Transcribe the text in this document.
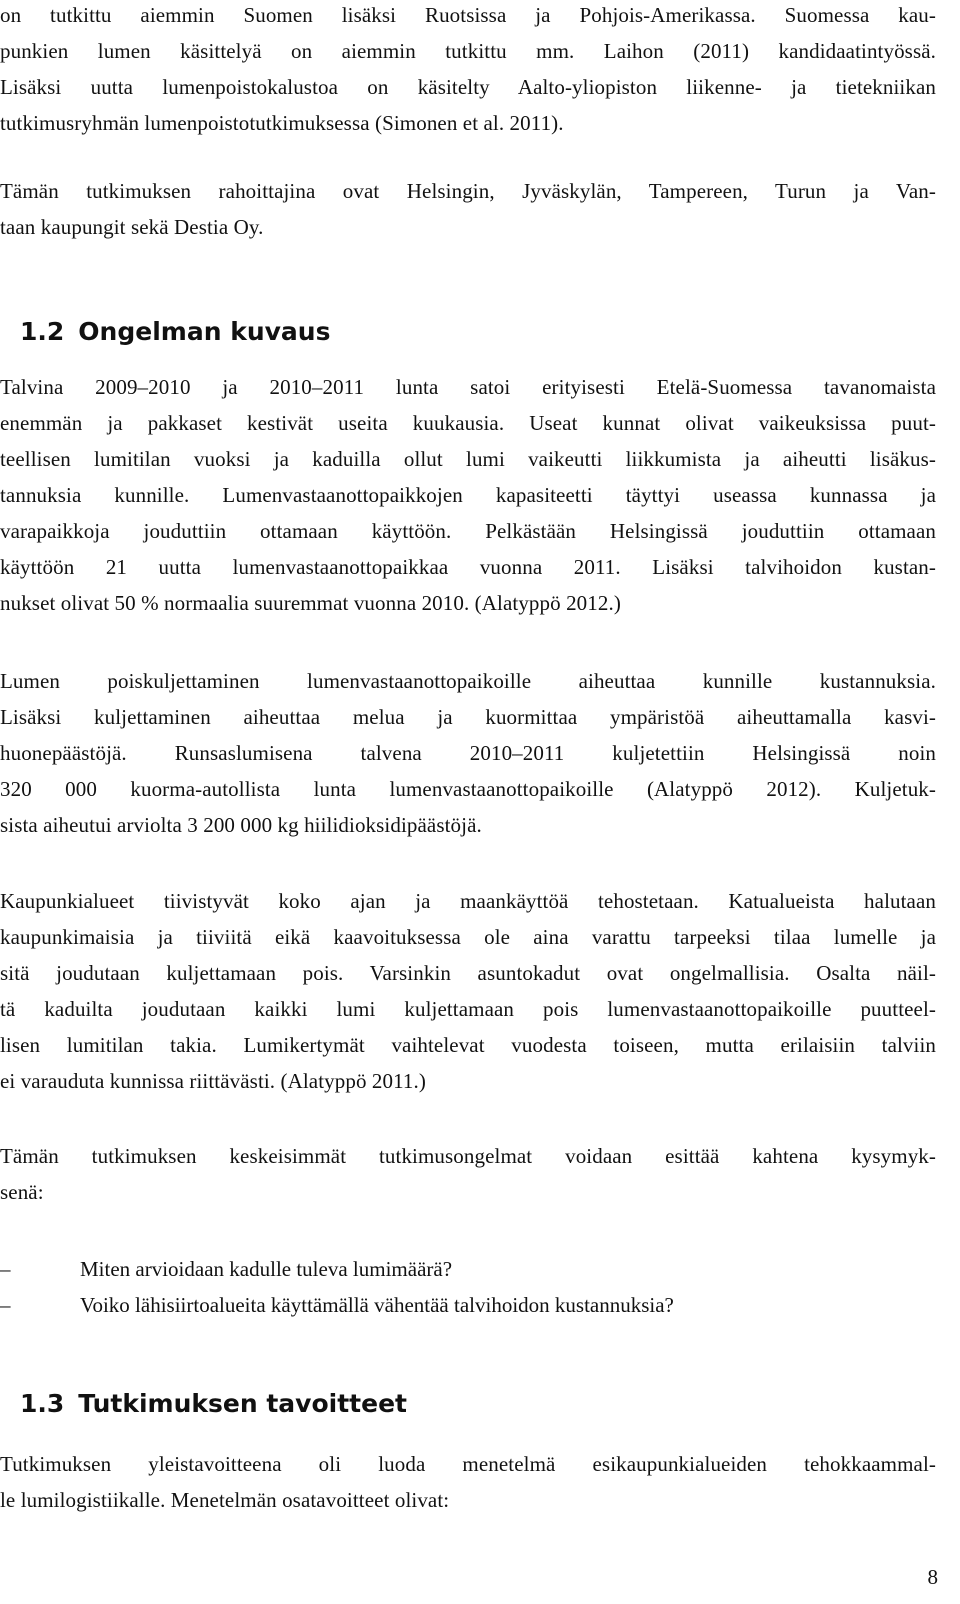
on tutkittu aiemmin Suomen lisäksi Ruotsissa ja Pohjois-Amerikassa. Suomessa kau-
punkien lumen käsittelyä on aiemmin tutkittu mm. Laihon (2011) kandidaatintyössä.
Lisäksi uutta lumenpoistokalustoa on käsitelty Aalto-yliopiston liikenne- ja tietekniikan
tutkimusryhmän lumenpoistotutkimuksessa (Simonen et al. 2011).
Tämän tutkimuksen rahoittajina ovat Helsingin, Jyväskylän, Tampereen, Turun ja Van-
taan kaupungit sekä Destia Oy.
1.2 Ongelman kuvaus
Talvina 2009–2010 ja 2010–2011 lunta satoi erityisesti Etelä-Suomessa tavanomaista
enemmän ja pakkaset kestivät useita kuukausia. Useat kunnat olivat vaikeuksissa puut-
teellisen lumitilan vuoksi ja kaduilla ollut lumi vaikeutti liikkumista ja aiheutti lisäkus-
tannuksia kunnille. Lumenvastaanottopaikkojen kapasiteetti täyttyi useassa kunnassa ja
varapaikkoja jouduttiin ottamaan käyttöön. Pelkästään Helsingissä jouduttiin ottamaan
käyttöön 21 uutta lumenvastaanottopaikkaa vuonna 2011. Lisäksi talvihoidon kustan-
nukset olivat 50 % normaalia suuremmat vuonna 2010. (Alatyppö 2012.)
Lumen poiskuljettaminen lumenvastaanottopaikoille aiheuttaa kunnille kustannuksia.
Lisäksi kuljettaminen aiheuttaa melua ja kuormittaa ympäristöä aiheuttamalla kasvi-
huonepäästöjä. Runsaslumisena talvena 2010–2011 kuljetettiin Helsingissä noin
320 000 kuorma-autollista lunta lumenvastaanottopaikoille (Alatyppö 2012). Kuljetuk-
sista aiheutui arviolta 3 200 000 kg hiilidioksidipäästöjä.
Kaupunkialueet tiivistyvät koko ajan ja maankäyttöä tehostetaan. Katualueista halutaan
kaupunkimaisia ja tiiviitä eikä kaavoituksessa ole aina varattu tarpeeksi tilaa lumelle ja
sitä joudutaan kuljettamaan pois. Varsinkin asuntokadut ovat ongelmallisia. Osalta näil-
tä kaduilta joudutaan kaikki lumi kuljettamaan pois lumenvastaanottopaikoille puutteel-
lisen lumitilan takia. Lumikertymät vaihtelevat vuodesta toiseen, mutta erilaisiin talviin
ei varauduta kunnissa riittävästi. (Alatyppö 2011.)
Tämän tutkimuksen keskeisimmät tutkimusongelmat voidaan esittää kahtena kysymyk-
senä:
–	Miten arvioidaan kadulle tuleva lumimäärä?
–	Voiko lähisiirtoalueita käyttämällä vähentää talvihoidon kustannuksia?
1.3 Tutkimuksen tavoitteet
Tutkimuksen yleistavoitteena oli luoda menetelmä esikaupunkialueiden tehokkaammal-
le lumilogistiikalle. Menetelmän osatavoitteet olivat:
8
